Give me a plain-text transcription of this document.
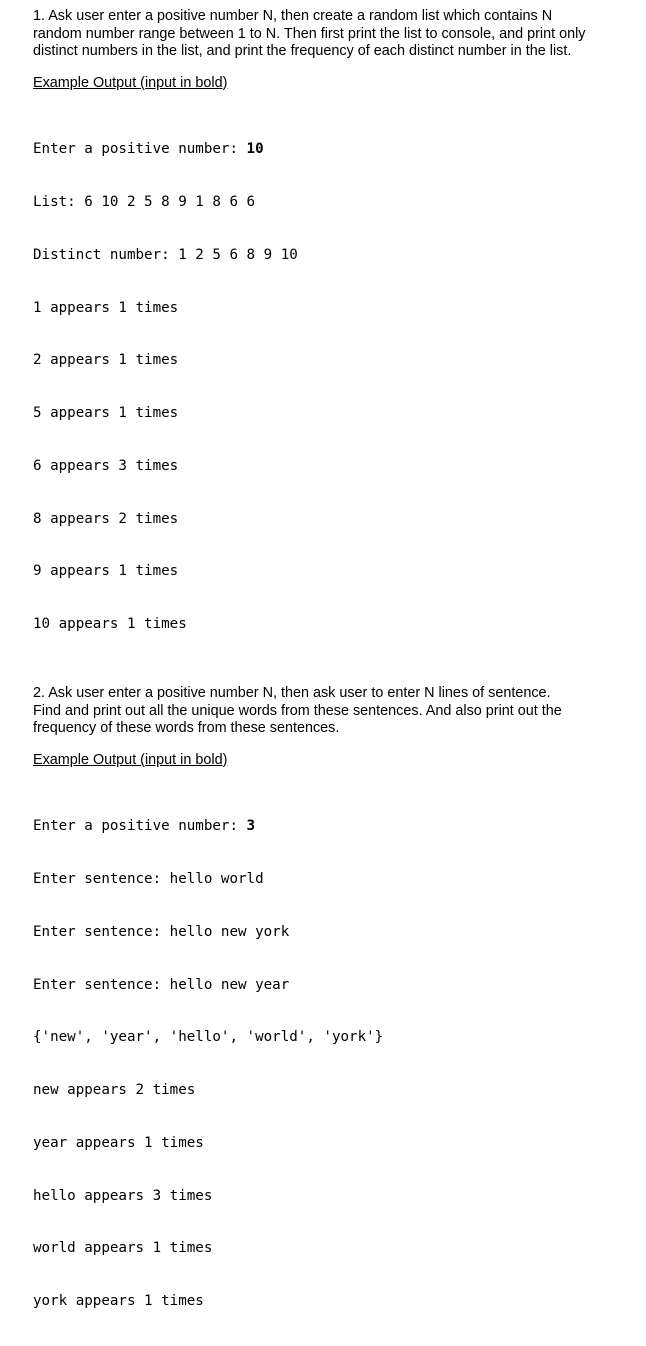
1. Ask user enter a positive number N, then create a random list which contains N
random number range between 1 to N. Then first print the list to console, and print only
distinct numbers in the list, and print the frequency of each distinct number in the list.
Example Output (input in bold)

Enter a positive number: 10

List: 6 10 2 5 8 9 1 8 6 6

Distinct number: 1 2 5 6 8 9 10

1 appears 1 times

2 appears 1 times

5 appears 1 times

6 appears 3 times

8 appears 2 times

9 appears 1 times

10 appears 1 times

2. Ask user enter a positive number N, then ask user to enter N lines of sentence.
Find and print out all the unique words from these sentences. And also print out the
frequency of these words from these sentences.
Example Output (input in bold)

Enter a positive number: 3

Enter sentence: hello world

Enter sentence: hello new york

Enter sentence: hello new year

{'new', 'year', 'hello', 'world', 'york'}

new appears 2 times

year appears 1 times

hello appears 3 times

world appears 1 times

york appears 1 times
